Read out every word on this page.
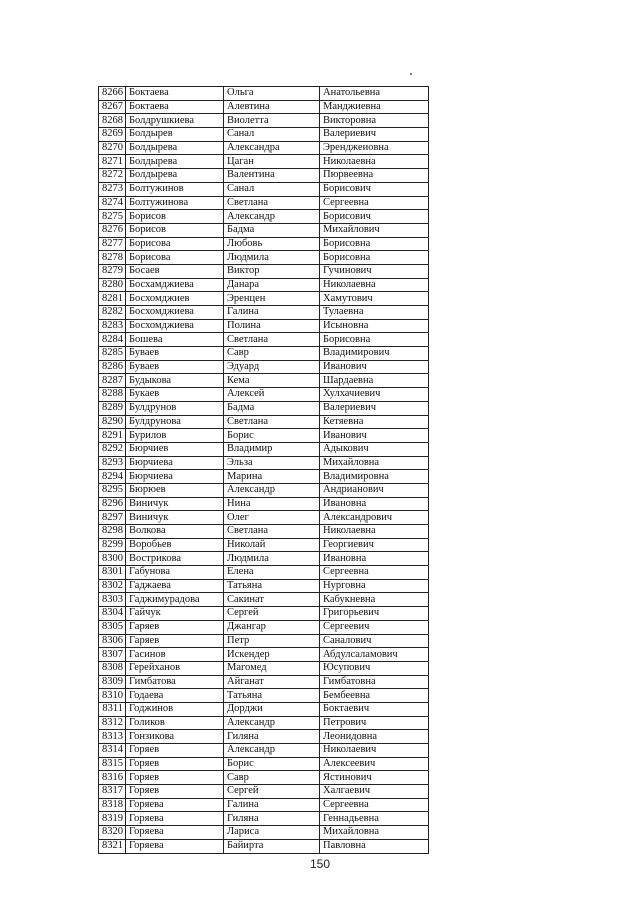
8266	Боктаева	Ольга	Анатольевна
8267	Боктаева	Алевтина	Манджиевна
8268	Болдрушкиева	Виолетта	Викторовна
8269	Болдырев	Санал	Валериевич
8270	Болдырева	Александра	Эренджеиовна
8271	Болдырева	Цаган	Николаевна
8272	Болдырева	Валентина	Пюрвеевна
8273	Болтужинов	Санал	Борисович
8274	Болтужинова	Светлана	Сергеевна
8275	Борисов	Александр	Борисович
8276	Борисов	Бадма	Михайлович
8277	Борисова	Любовь	Борисовна
8278	Борисова	Людмила	Борисовна
8279	Босаев	Виктор	Гучинович
8280	Босхамджиева	Данара	Николаевна
8281	Босхомджиев	Эренцен	Хамутович
8282	Босхомджиева	Галина	Тулаевна
8283	Босхомджиева	Полина	Исыновна
8284	Бошева	Светлана	Борисовна
8285	Буваев	Савр	Владимирович
8286	Буваев	Эдуард	Иванович
8287	Будыкова	Кема	Шардаевна
8288	Букаев	Алексей	Хулхачиевич
8289	Булдрунов	Бадма	Валериевич
8290	Булдрунова	Светлана	Кетяевна
8291	Бурилов	Борис	Иванович
8292	Бюрчиев	Владимир	Адыкович
8293	Бюрчиева	Эльза	Михайловна
8294	Бюрчиева	Марина	Владимировна
8295	Бюрюев	Александр	Андрианович
8296	Виничук	Нина	Ивановна
8297	Виничук	Олег	Александрович
8298	Волкова	Светлана	Николаевна
8299	Воробьев	Николай	Георгиевич
8300	Вострикова	Людмила	Ивановна
8301	Габунова	Елена	Сергеевна
8302	Гаджаева	Татьяна	Нурговна
8303	Гаджимурадова	Сакинат	Кабукневна
8304	Гайчук	Сергей	Григорьевич
8305	Гаряев	Джангар	Сергеевич
8306	Гаряев	Петр	Саналович
8307	Гасинов	Искендер	Абдулсаламович
8308	Герейханов	Магомед	Юсупович
8309	Гимбатова	Айганат	Гимбатовна
8310	Годаева	Татьяна	Бембеевна
8311	Годжинов	Дорджи	Боктаевич
8312	Голиков	Александр	Петрович
8313	Гонзикова	Гиляна	Леонидовна
8314	Горяев	Александр	Николаевич
8315	Горяев	Борис	Алексеевич
8316	Горяев	Савр	Ястинович
8317	Горяев	Сергей	Халгаевич
8318	Горяева	Галина	Сергеевна
8319	Горяева	Гиляна	Геннадьевна
8320	Горяева	Лариса	Михайловна
8321	Горяева	Байирта	Павловна
150
